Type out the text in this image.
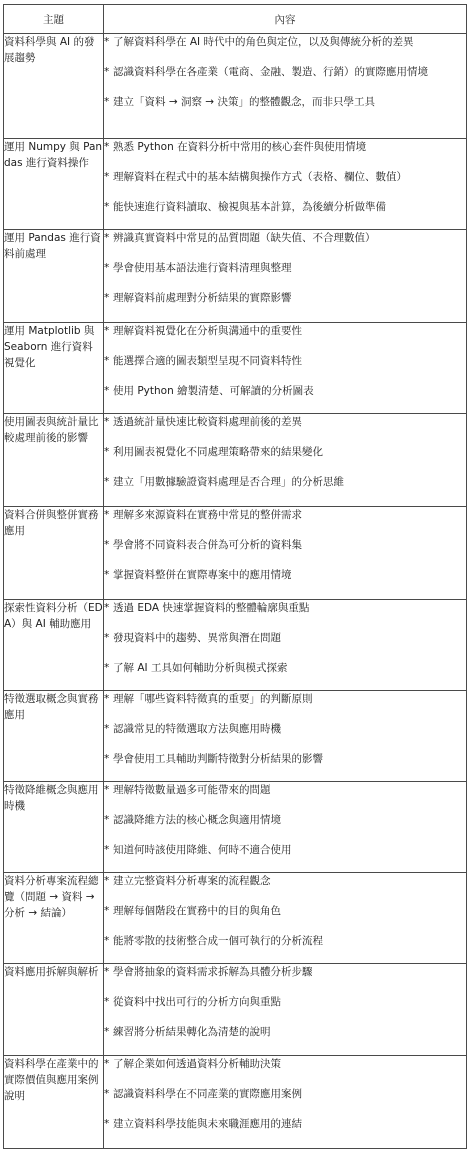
主題	內容
資料科學與 AI 的發展趨勢	* 了解資料科學在 AI 時代中的角色與定位，以及與傳統分析的差異
* 認識資料科學在各產業（電商、金融、製造、行銷）的實際應用情境
* 建立「資料 → 洞察 → 決策」的整體觀念，而非只學工具

運用 Numpy 與 Pandas 進行資料操作	* 熟悉 Python 在資料分析中常用的核心套件與使用情境
* 理解資料在程式中的基本結構與操作方式（表格、欄位、數值）
* 能快速進行資料讀取、檢視與基本計算，為後續分析做準備

運用 Pandas 進行資料前處理	* 辨識真實資料中常見的品質問題（缺失值、不合理數值）
* 學會使用基本語法進行資料清理與整理
* 理解資料前處理對分析結果的實際影響

運用 Matplotlib 與 Seaborn 進行資料視覺化	* 理解資料視覺化在分析與溝通中的重要性
* 能選擇合適的圖表類型呈現不同資料特性
* 使用 Python 繪製清楚、可解讀的分析圖表

使用圖表與統計量比較處理前後的影響	* 透過統計量快速比較資料處理前後的差異
* 利用圖表視覺化不同處理策略帶來的結果變化
* 建立「用數據驗證資料處理是否合理」的分析思維

資料合併與整併實務應用	* 理解多來源資料在實務中常見的整併需求
* 學會將不同資料表合併為可分析的資料集
* 掌握資料整併在實際專案中的應用情境

探索性資料分析（EDA）與 AI 輔助應用	* 透過 EDA 快速掌握資料的整體輪廓與重點
* 發現資料中的趨勢、異常與潛在問題
* 了解 AI 工具如何輔助分析與模式探索

特徵選取概念與實務應用	* 理解「哪些資料特徵真的重要」的判斷原則
* 認識常見的特徵選取方法與應用時機
* 學會使用工具輔助判斷特徵對分析結果的影響

特徵降維概念與應用時機	* 理解特徵數量過多可能帶來的問題
* 認識降維方法的核心概念與適用情境
* 知道何時該使用降維、何時不適合使用

資料分析專案流程總覽（問題 → 資料 → 分析 → 結論）	* 建立完整資料分析專案的流程觀念
* 理解每個階段在實務中的目的與角色
* 能將零散的技術整合成一個可執行的分析流程

資料應用拆解與解析	* 學會將抽象的資料需求拆解為具體分析步驟
* 從資料中找出可行的分析方向與重點
* 練習將分析結果轉化為清楚的說明

資料科學在產業中的實際價值與應用案例說明	* 了解企業如何透過資料分析輔助決策
* 認識資料科學在不同產業的實際應用案例
* 建立資料科學技能與未來職涯應用的連結
